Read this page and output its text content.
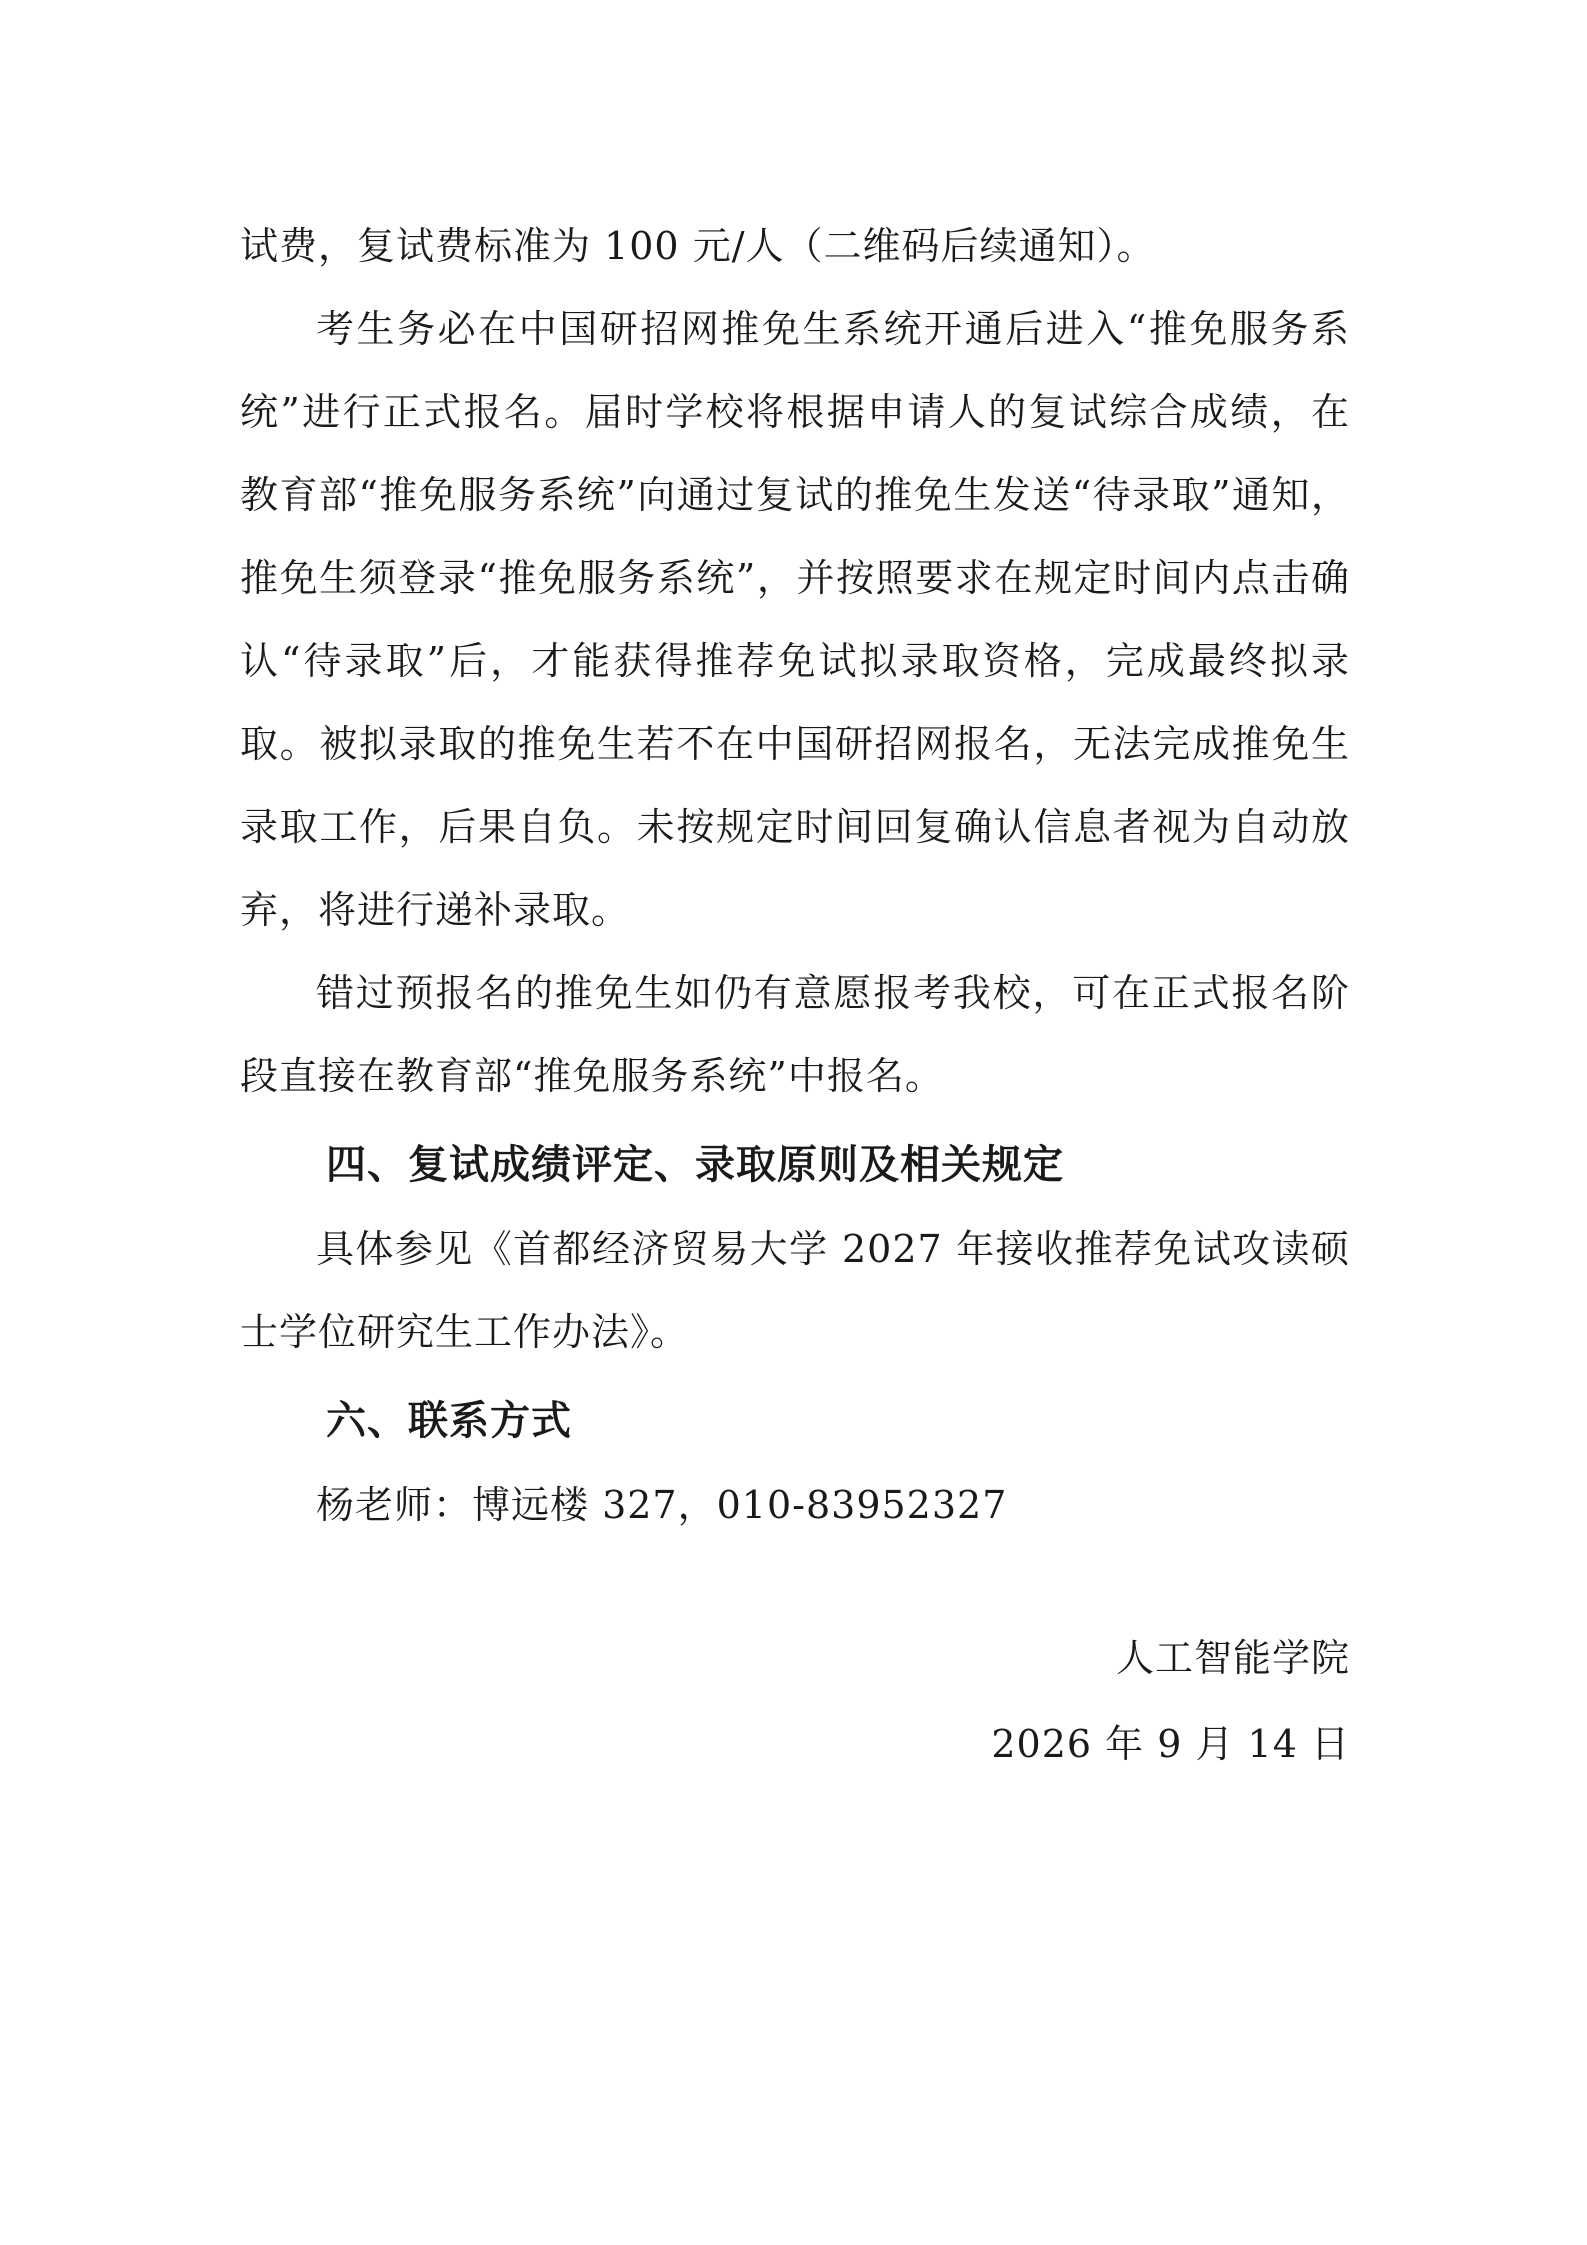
试费，复试费标准为 100 元/人（二维码后续通知）。

考生务必在中国研招网推免生系统开通后进入“推免服务系统”进行正式报名。届时学校将根据申请人的复试综合成绩，在教育部“推免服务系统”向通过复试的推免生发送“待录取”通知，推免生须登录“推免服务系统”，并按照要求在规定时间内点击确认“待录取”后，才能获得推荐免试拟录取资格，完成最终拟录取。被拟录取的推免生若不在中国研招网报名，无法完成推免生录取工作，后果自负。未按规定时间回复确认信息者视为自动放弃，将进行递补录取。

错过预报名的推免生如仍有意愿报考我校，可在正式报名阶段直接在教育部“推免服务系统”中报名。

四、复试成绩评定、录取原则及相关规定

具体参见《首都经济贸易大学 2027 年接收推荐免试攻读硕士学位研究生工作办法》。

六、联系方式

杨老师：博远楼 327，010-83952327

人工智能学院
2026 年 9 月 14 日
